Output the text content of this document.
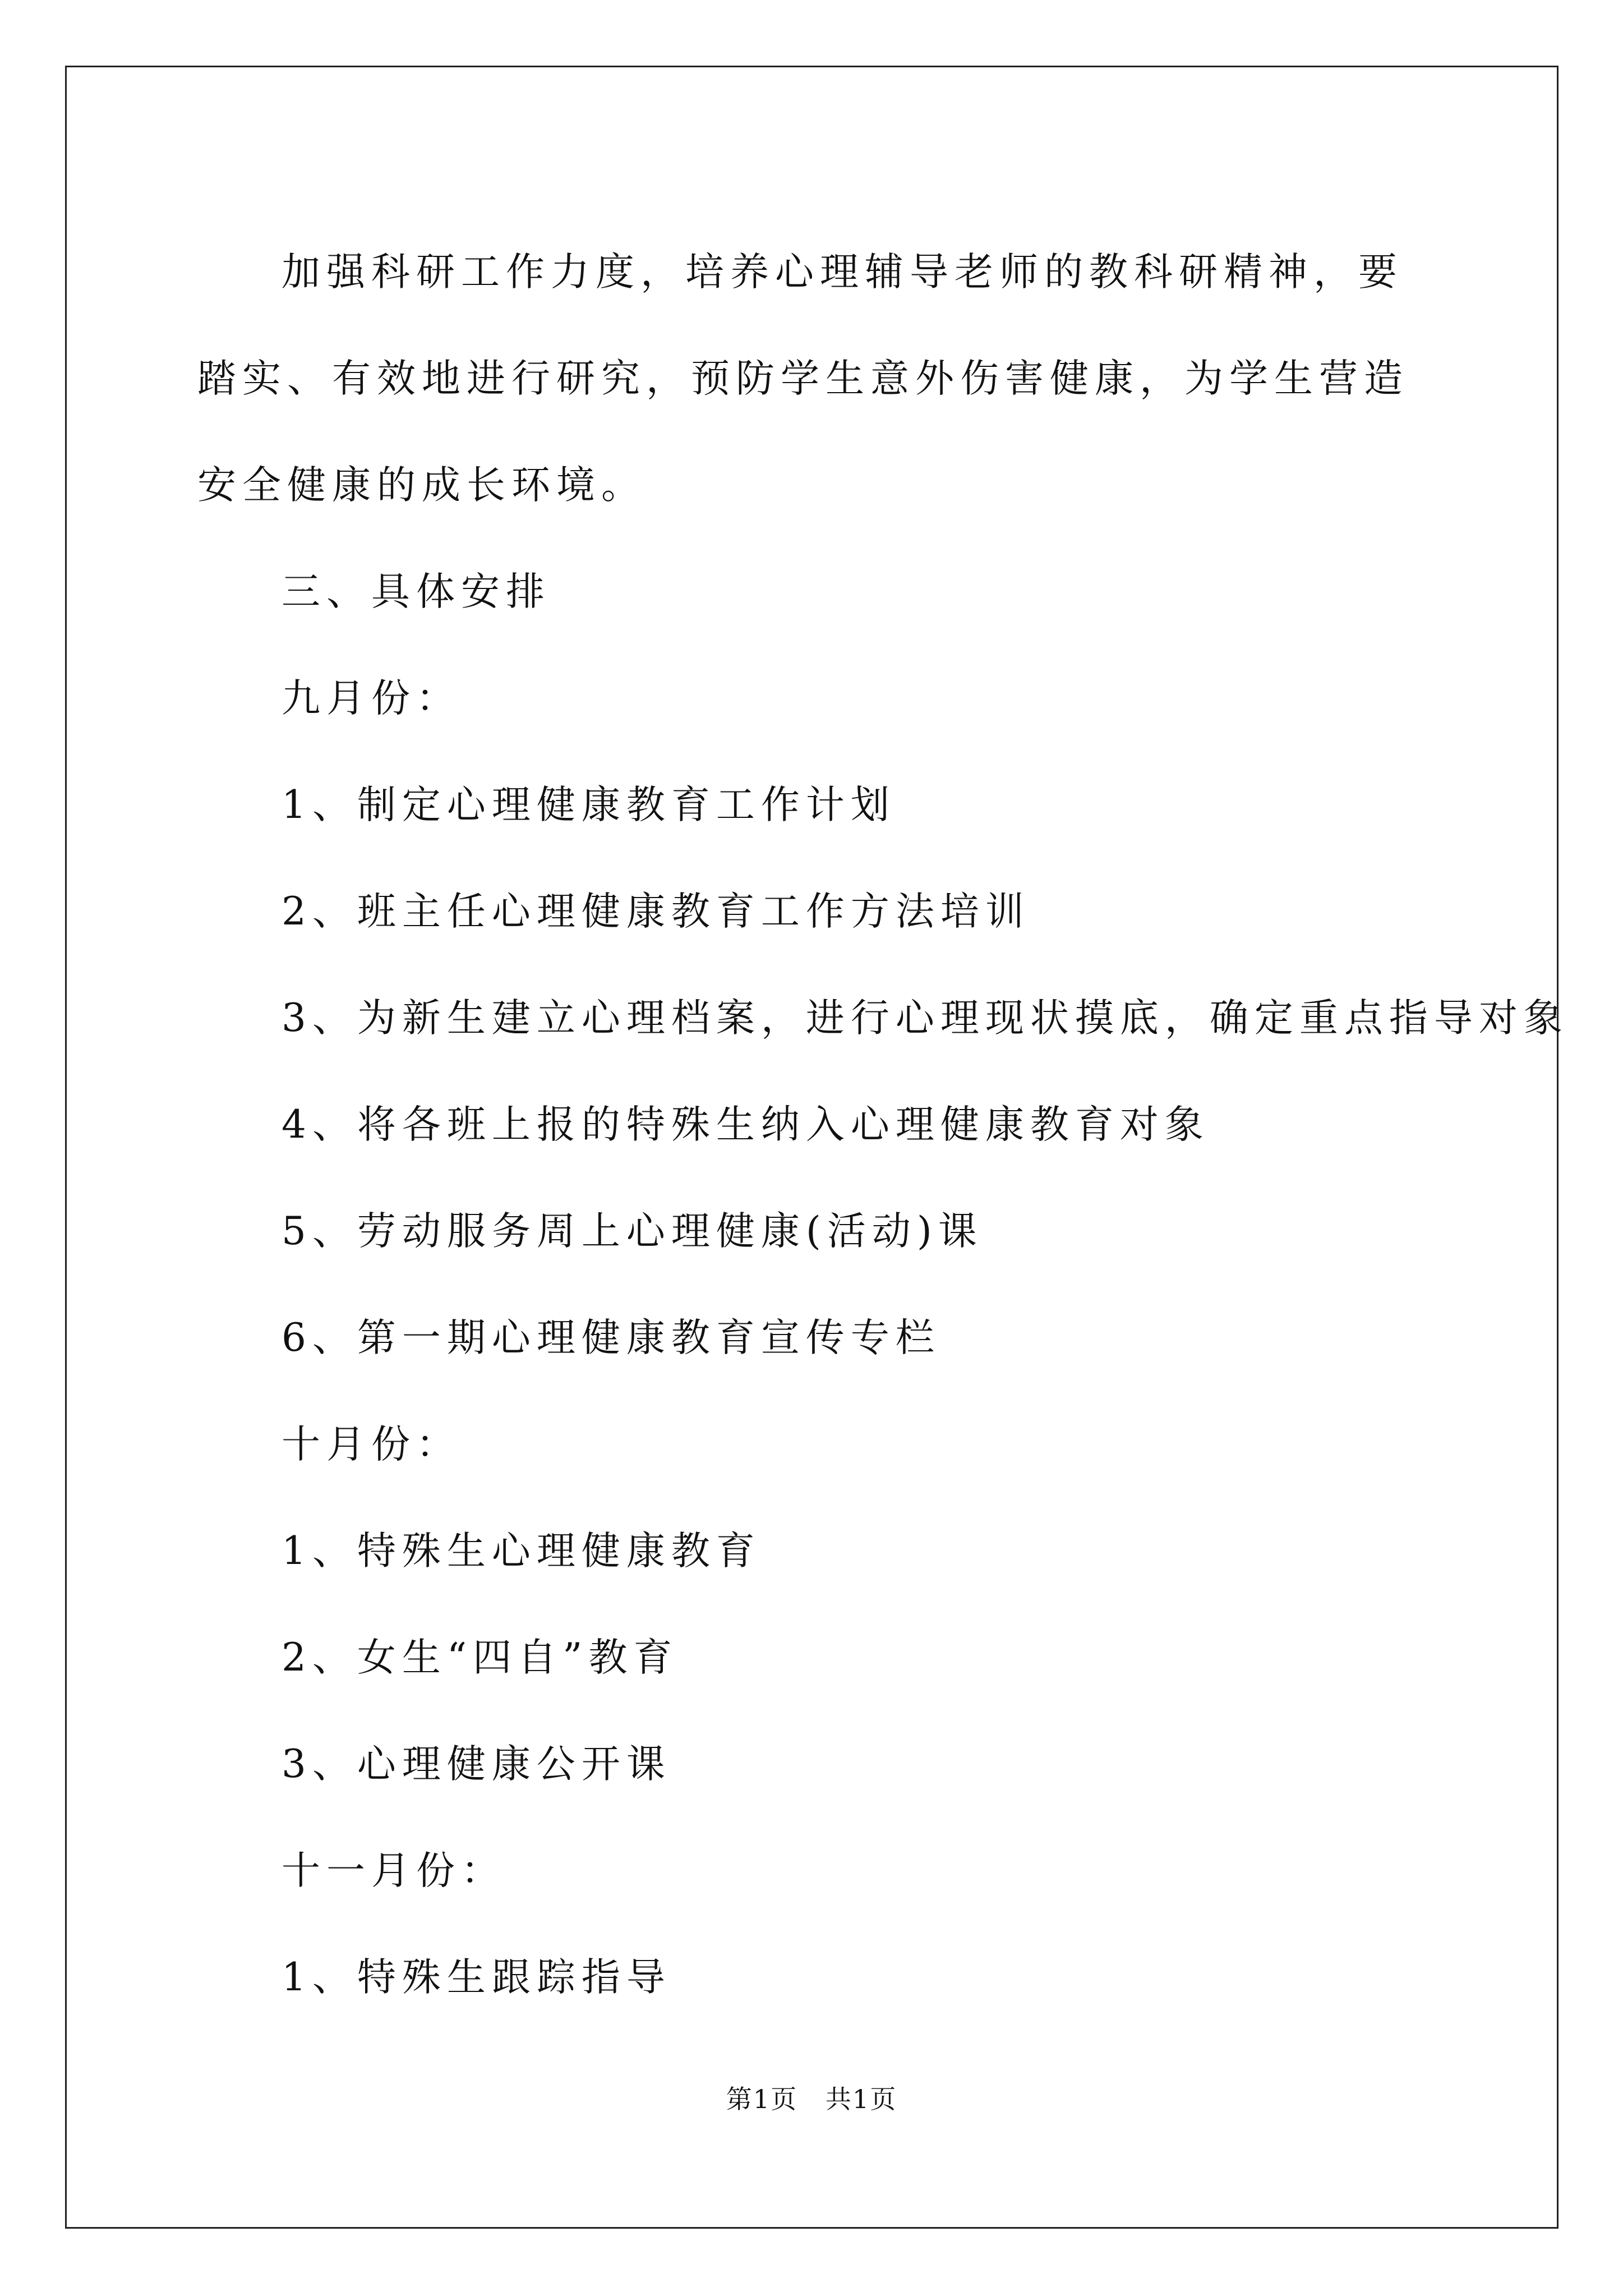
加强科研工作力度，培养心理辅导老师的教科研精神，要踏实、有效地进行研究，预防学生意外伤害健康，为学生营造安全健康的成长环境。

三、具体安排

九月份：

1、制定心理健康教育工作计划

2、班主任心理健康教育工作方法培训

3、为新生建立心理档案，进行心理现状摸底，确定重点指导对象

4、将各班上报的特殊生纳入心理健康教育对象

5、劳动服务周上心理健康(活动)课

6、第一期心理健康教育宣传专栏

十月份：

1、特殊生心理健康教育

2、女生“四自”教育

3、心理健康公开课

十一月份：

1、特殊生跟踪指导

第1页   共1页
